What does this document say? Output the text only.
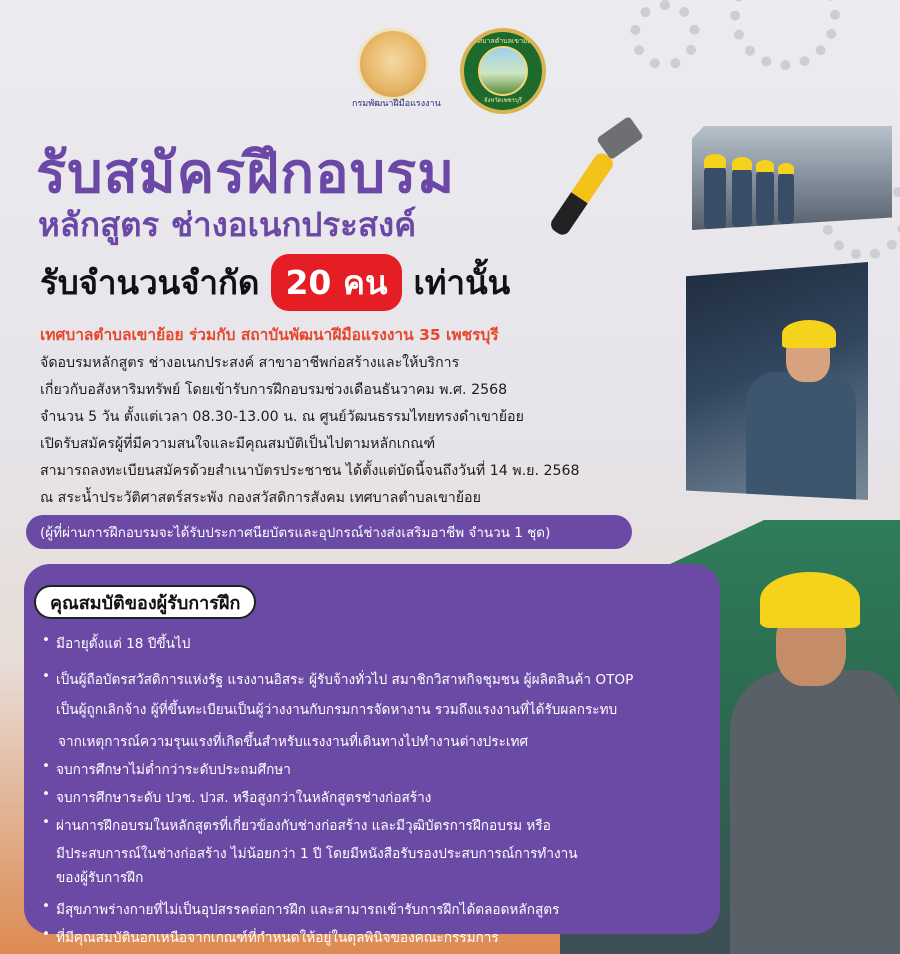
กรมพัฒนาฝีมือแรงงาน
เทศบาลตำบลเขาย้อย
จังหวัดเพชรบุรี
รับสมัครฝึกอบรม
หลักสูตร ช่างอเนกประสงค์
รับจำนวนจำกัด 20 คน เท่านั้น
เทศบาลตำบลเขาย้อย ร่วมกับ สถาบันพัฒนาฝีมือแรงงาน 35 เพชรบุรี
จัดอบรมหลักสูตร ช่างอเนกประสงค์ สาขาอาชีพก่อสร้างและให้บริการ
เกี่ยวกับอสังหาริมทรัพย์ โดยเข้ารับการฝึกอบรมช่วงเดือนธันวาคม พ.ศ. 2568
จำนวน 5 วัน ตั้งแต่เวลา 08.30-13.00 น. ณ ศูนย์วัฒนธรรมไทยทรงดำเขาย้อย
เปิดรับสมัครผู้ที่มีความสนใจและมีคุณสมบัติเป็นไปตามหลักเกณฑ์
สามารถลงทะเบียนสมัครด้วยสำเนาบัตรประชาชน ได้ตั้งแต่บัดนี้จนถึงวันที่ 14 พ.ย. 2568
ณ สระน้ำประวัติศาสตร์สระพัง กองสวัสดิการสังคม เทศบาลตำบลเขาย้อย
(ผู้ที่ผ่านการฝึกอบรมจะได้รับประกาศนียบัตรและอุปกรณ์ช่างส่งเสริมอาชีพ จำนวน 1 ชุด)
คุณสมบัติของผู้รับการฝึก
• มีอายุตั้งแต่ 18 ปีขึ้นไป
• เป็นผู้ถือบัตรสวัสดิการแห่งรัฐ แรงงานอิสระ ผู้รับจ้างทั่วไป สมาชิกวิสาหกิจชุมชน ผู้ผลิตสินค้า OTOP
เป็นผู้ถูกเลิกจ้าง ผู้ที่ขึ้นทะเบียนเป็นผู้ว่างงานกับกรมการจัดหางาน รวมถึงแรงงานที่ได้รับผลกระทบ
จากเหตุการณ์ความรุนแรงที่เกิดขึ้นสำหรับแรงงานที่เดินทางไปทำงานต่างประเทศ
• จบการศึกษาไม่ต่ำกว่าระดับประถมศึกษา
• จบการศึกษาระดับ ปวช. ปวส. หรือสูงกว่าในหลักสูตรช่างก่อสร้าง
• ผ่านการฝึกอบรมในหลักสูตรที่เกี่ยวข้องกับช่างก่อสร้าง และมีวุฒิบัตรการฝึกอบรม หรือ
มีประสบการณ์ในช่างก่อสร้าง ไม่น้อยกว่า 1 ปี โดยมีหนังสือรับรองประสบการณ์การทำงาน
ของผู้รับการฝึก
• มีสุขภาพร่างกายที่ไม่เป็นอุปสรรคต่อการฝึก และสามารถเข้ารับการฝึกได้ตลอดหลักสูตร
• ที่มีคุณสมบัตินอกเหนือจากเกณฑ์ที่กำหนดให้อยู่ในดุลพินิจของคณะกรรมการ
